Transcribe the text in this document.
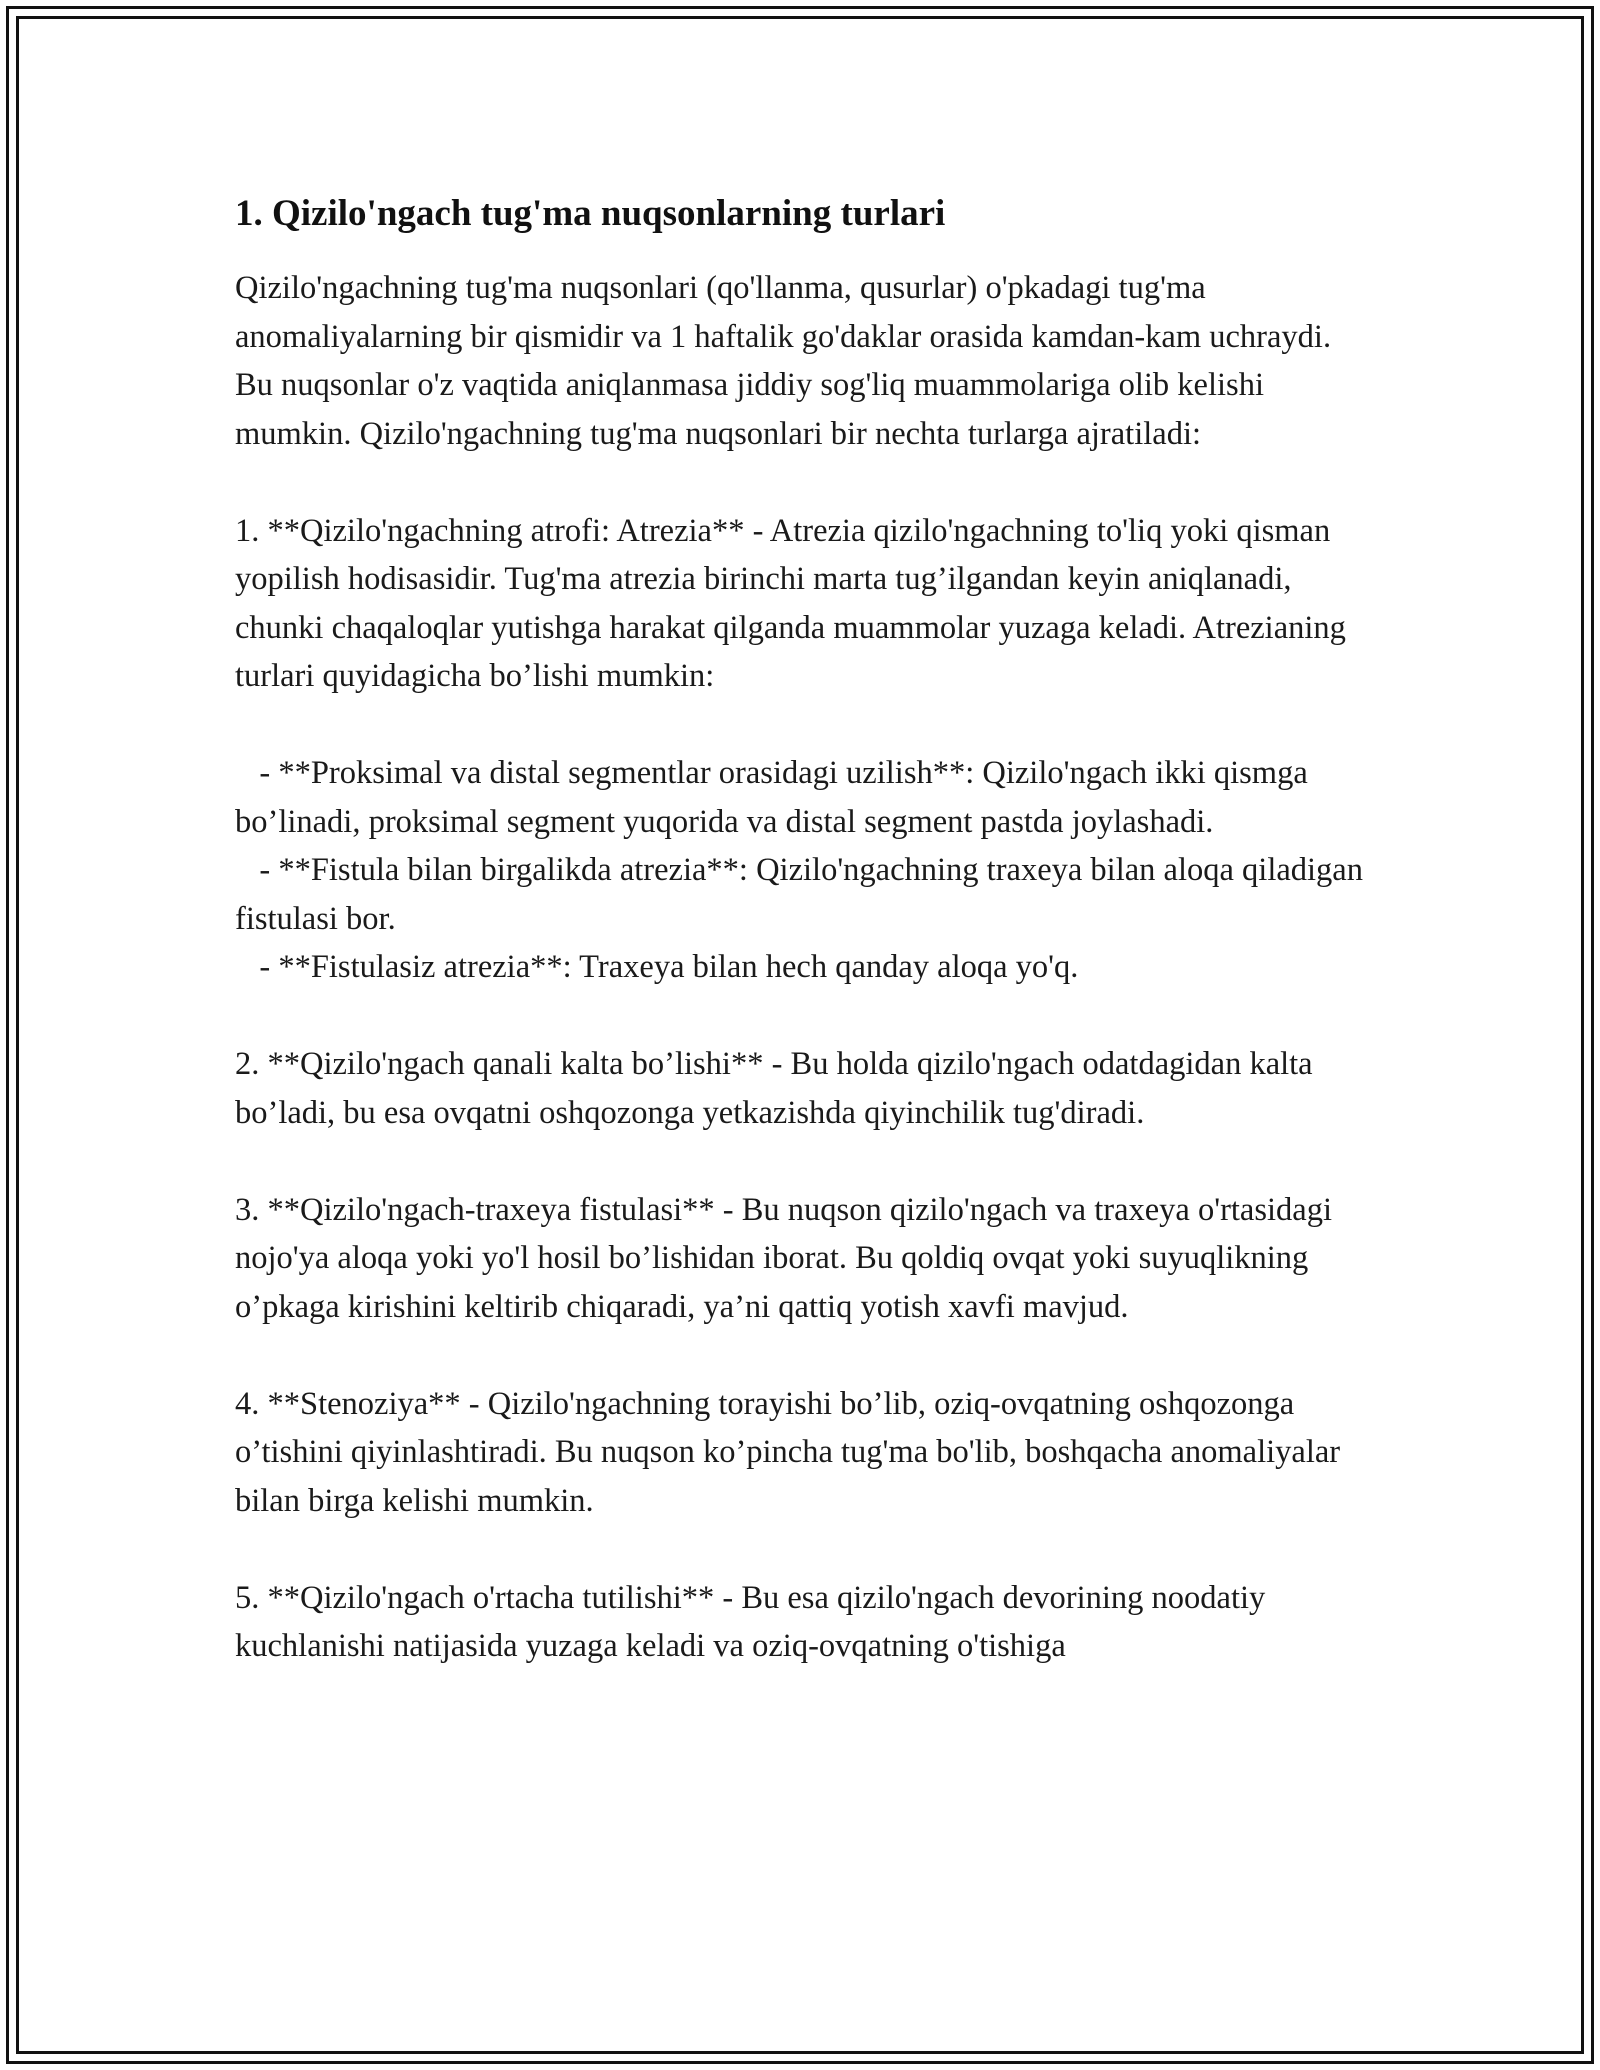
1. Qizilo'ngach tug'ma nuqsonlarning turlari

Qizilo'ngachning tug'ma nuqsonlari (qo'llanma, qusurlar) o'pkadagi tug'ma anomaliyalarning bir qismidir va 1 haftalik go'daklar orasida kamdan-kam uchraydi. Bu nuqsonlar o'z vaqtida aniqlanmasa jiddiy sog'liq muammolariga olib kelishi mumkin. Qizilo'ngachning tug'ma nuqsonlari bir nechta turlarga ajratiladi:

1. **Qizilo'ngachning atrofi: Atrezia** - Atrezia qizilo'ngachning to'liq yoki qisman yopilish hodisasidir. Tug'ma atrezia birinchi marta tug’ilgandan keyin aniqlanadi, chunki chaqaloqlar yutishga harakat qilganda muammolar yuzaga keladi. Atrezianing turlari quyidagicha bo’lishi mumkin:

- **Proksimal va distal segmentlar orasidagi uzilish**: Qizilo'ngach ikki qismga bo’linadi, proksimal segment yuqorida va distal segment pastda joylashadi.

- **Fistula bilan birgalikda atrezia**: Qizilo'ngachning traxeya bilan aloqa qiladigan fistulasi bor.

- **Fistulasiz atrezia**: Traxeya bilan hech qanday aloqa yo'q.

2. **Qizilo'ngach qanali kalta bo’lishi** - Bu holda qizilo'ngach odatdagidan kalta bo’ladi, bu esa ovqatni oshqozonga yetkazishda qiyinchilik tug'diradi.

3. **Qizilo'ngach-traxeya fistulasi** - Bu nuqson qizilo'ngach va traxeya o'rtasidagi nojo'ya aloqa yoki yo'l hosil bo’lishidan iborat. Bu qoldiq ovqat yoki suyuqlikning o’pkaga kirishini keltirib chiqaradi, ya’ni qattiq yotish xavfi mavjud.

4. **Stenoziya** - Qizilo'ngachning torayishi bo’lib, oziq-ovqatning oshqozonga o’tishini qiyinlashtiradi. Bu nuqson ko’pincha tug'ma bo'lib, boshqacha anomaliyalar bilan birga kelishi mumkin.

5. **Qizilo'ngach o'rtacha tutilishi** - Bu esa qizilo'ngach devorining noodatiy kuchlanishi natijasida yuzaga keladi va oziq-ovqatning o'tishiga
